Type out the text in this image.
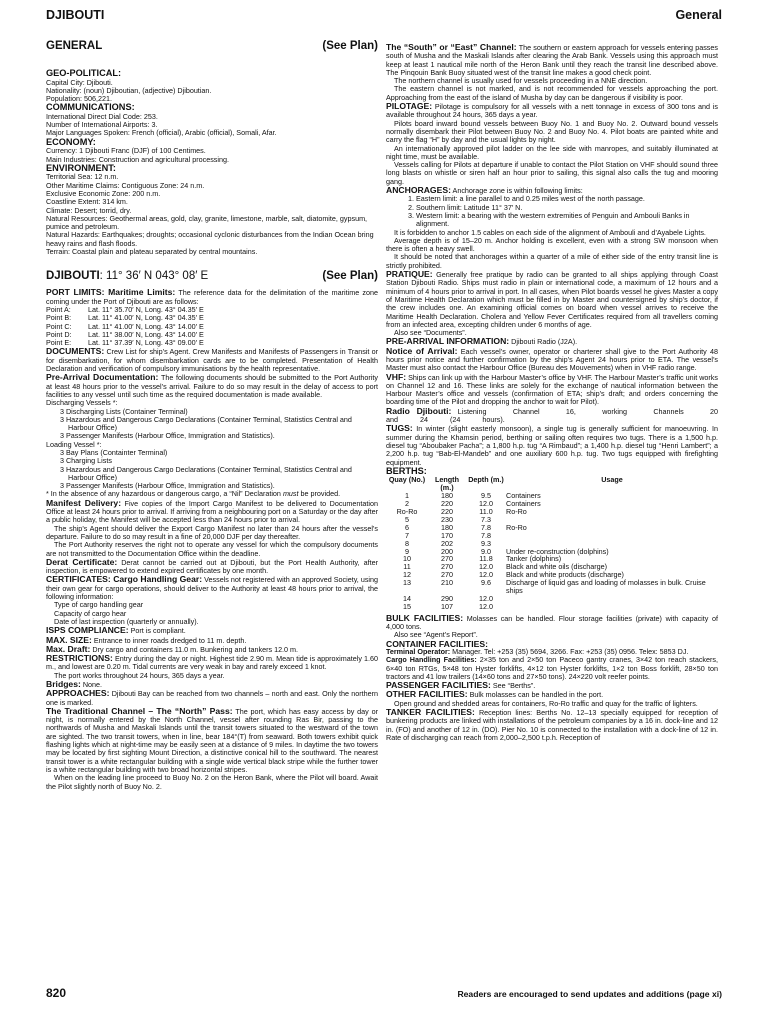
DJIBOUTI	General
GENERAL	(See Plan)
GEO-POLITICAL:
Capital City: Djibouti.
Nationality: (noun) Djiboutian, (adjective) Djiboutian.
Population: 506,221.
COMMUNICATIONS:
International Direct Dial Code: 253.
Number of International Airports: 3.
Major Languages Spoken: French (official), Arabic (official), Somali, Afar.
ECONOMY:
Currency: 1 Djibouti Franc (DJF) of 100 Centimes.
Main Industries: Construction and agricultural processing.
ENVIRONMENT:
Territorial Sea: 12 n.m.
Other Maritime Claims: Contiguous Zone: 24 n.m.
Exclusive Economic Zone: 200 n.m.
Coastline Extent: 314 km.
Climate: Desert; torrid, dry.
Natural Resources: Geothermal areas, gold, clay, granite, limestone, marble, salt, diatomite, gypsum, pumice and petroleum.
Natural Hazards: Earthquakes; droughts; occasional cyclonic disturbances from the Indian Ocean bring heavy rains and flash floods.
Terrain: Coastal plain and plateau separated by central mountains.
DJIBOUTI: 11° 36′ N 043° 08′ E	(See Plan)

PORT LIMITS: Maritime Limits: The reference data for the delimitation of the maritime zone coming under the Port of Djibouti are as follows:

Point A:	Lat. 11° 35.70′ N, Long. 43° 04.35′ E
Point B:	Lat. 11° 41.00′ N, Long. 43° 04.35′ E
Point C:	Lat. 11° 41.00′ N, Long. 43° 14.00′ E
Point D:	Lat. 11° 38.00′ N, Long. 43° 14.00′ E
Point E:	Lat. 11° 37.39′ N, Long. 43° 09.00′ E

DOCUMENTS: Crew List for ship’s Agent. Crew Manifests and Manifests of Passengers in Transit or for disembarkation, for whom disembarkation cards are to be completed. Presentation of Health Declaration and verification of compulsory immunisations by the health representative.

Pre-Arrival Documentation: The following documents should be submitted to the Port Authority at least 48 hours prior to the vessel’s arrival. Failure to do so may result in the delay of access to port facilities to any vessel until such time as the required documentation is made available.

Discharging Vessels *:
3 Discharging Lists (Container Terminal)
3 Hazardous and Dangerous Cargo Declarations (Container Terminal, Statistics Central and Harbour Office)
3 Passenger Manifests (Harbour Office, Immigration and Statistics).
Loading Vessel *:
3 Bay Plans (Containter Terminal)
3 Charging Lists
3 Hazardous and Dangerous Cargo Declarations (Container Terminal, Statistics Central and Harbour Office)
3 Passenger Manifests (Harbour Office, Immigration and Statistics).
* In the absence of any hazardous or dangerous cargo, a “Nil” Declaration must be provided.

Manifest Delivery: Five copies of the Import Cargo Manifest to be delivered to Documentation Office at least 24 hours prior to arrival. If arriving from a neighbouring port on a Saturday or the day after a public holiday, the Manifest will be accepted less than 24 hours prior to arrival.

The ship’s Agent should deliver the Export Cargo Manifest no later than 24 hours after the vessel’s departure. Failure to do so may result in a fine of 20,000 DJF per day thereafter.

The Port Authority reserves the right not to operate any vessel for which the compulsory documents are not transmitted to the Documentation Office within the deadline.

Derat Certificate: Derat cannot be carried out at Djibouti, but the Port Health Authority, after inspection, is empowered to extend expired certificates by one month.

CERTIFICATES: Cargo Handling Gear: Vessels not registered with an approved Society, using their own gear for cargo operations, should deliver to the Authority at least 48 hours prior to arrival, the following information:

Type of cargo handling gear
Capacity of cargo hear
Date of last inspection (quarterly or annually).

ISPS COMPLIANCE: Port is compliant.

MAX. SIZE: Entrance to inner roads dredged to 11 m. depth.

Max. Draft: Dry cargo and containers 11.0 m. Bunkering and tankers 12.0 m.

RESTRICTIONS: Entry during the day or night. Highest tide 2.90 m. Mean tide is approximately 1.60 m., and lowest are 0.20 m. Tidal currents are very weak in bay and rarely exceed 1 knot.

The port works throughout 24 hours, 365 days a year.

Bridges: None.

APPROACHES: Djibouti Bay can be reached from two channels – north and east. Only the northern one is marked.

The Traditional Channel – The “North” Pass: The port, which has easy access by day or night, is normally entered by the North Channel, vessel after rounding Ras Bir, passing to the northwards of Musha and Maskali Islands until the transit towers situated to the westward of the town are sighted. The two transit towers, when in line, bear 184°(T) from seaward. Both towers exhibit quick flashing lights which at night-time may be easily seen at a distance of 9 miles. In daytime the two towers may be located by first sighting Mount Direction, a distinctive conical hill to the southward. The nearest transit tower is a white rectangular building with a single wide vertical black stripe while the further tower is a white rectangular building with two broad horizontal stripes.

When on the leading line proceed to Buoy No. 2 on the Heron Bank, where the Pilot will board. Await the Pilot slightly north of Buoy No. 2.

The “South” or “East” Channel: The southern or eastern approach for vessels entering passes south of Musha and the Maskali Islands after clearing the Arab Bank. Vessels using this approach must keep at least 1 nautical mile north of the Heron Bank until they reach the transit line described above. The Pinqouin Bank Buoy situated west of the transit line makes a good check point.

The northern channel is usually used for vessels proceeding in a NNE direction.

The eastern channel is not marked, and is not recommended for vessels approaching the port. Approaching from the east of the island of Musha by day can be dangerous if visibility is poor.

PILOTAGE: Pilotage is compulsory for all vessels with a nett tonnage in excess of 300 tons and is available throughout 24 hours, 365 days a year.

Pilots board inward bound vessels between Buoy No. 1 and Buoy No. 2. Outward bound vessels normally disembark their Pilot between Buoy No. 2 and Buoy No. 4. Pilot boats are painted white and carry the flag “H” by day and the usual lights by night.

An internationally approved pilot ladder on the lee side with manropes, and suitably illuminated at night time, must be available.

Vessels calling for Pilots at departure if unable to contact the Pilot Station on VHF should sound three long blasts on whistle or siren half an hour prior to sailing, this signal also calls the tug and mooring gang.

ANCHORAGES: Anchorage zone is within following limits:

1. Eastern limit: a line parallel to and 0.25 miles west of the north passage.
2. Southern limit: Latitude 11° 37′ N.
3. Western limit: a bearing with the western extremities of Penguin and Ambouli Banks in alignment.

It is forbidden to anchor 1.5 cables on each side of the alignment of Ambouli and d’Ayabele Lights.

Average depth is of 15–20 m. Anchor holding is excellent, even with a strong SW monsoon when there is often a heavy swell.

It should be noted that anchorages within a quarter of a mile of either side of the entry transit line is strictly prohibited.

PRATIQUE: Generally free pratique by radio can be granted to all ships applying through Coast Station Djibouti Radio. Ships must radio in plain or international code, a maximum of 12 hours and a minimum of 4 hours prior to arrival in port. In all cases, when Pilot boards vessel he gives Master a copy of Maritime Health Declaration which must be filled in by Master and countersigned by ship’s doctor, if the crew includes one. An examining official comes on board when vessel arrives to receive the Maritime Health Declaration. Cholera and Yellow Fever Certificates required from all travellers coming from an infected area, excepting children under 6 months of age.

Also see “Documents”.

PRE-ARRIVAL INFORMATION: Djibouti Radio (J2A).

Notice of Arrival: Each vessel’s owner, operator or charterer shall give to the Port Authority 48 hours prior notice and further confirmation by the ship’s Agent 24 hours prior to ETA. The vessel’s Master must also contact the Harbour Office (Bureau des Mouvements) when in VHF radio range.

VHF: Ships can link up with the Harbour Master’s office by VHF. The Harbour Master’s traffic unit works on Channel 12 and 16. These links are solely for the exchange of nautical information between the Harbour Master’s office and vessels (confirmation of ETA; ship’s draft; and orders concerning the boarding time of the Pilot and dropping the anchor to wait for Pilot).

Radio Djibouti: Listening Channel 16, working Channels 20 and 24 (24 hours).

TUGS: In winter (slight easterly monsoon), a single tug is generally sufficient for manoeuvring. In summer during the Khamsin period, berthing or sailing often requires two tugs. There is a 1,500 h.p. diesel tug “Aboubaker Pacha”; a 1,800 h.p. tug “A Rimbaud”; a 1,400 h.p. diesel tug “Henri Lambert”; a 2,200 h.p. tug “Bab-El-Mandeb” and one auxiliary 600 h.p. tug. Two tugs equipped with firefighting equipment.

BERTHS:
Quay (No.)	Length (m.)	Depth (m.)	Usage
1	180	9.5	Containers
2	220	12.0	Containers
Ro-Ro	220	11.0	Ro-Ro
5	230	7.3	
6	180	7.8	Ro-Ro
7	170	7.8	
8	202	9.3	
9	200	9.0	Under re-construction (dolphins)
10	270	11.8	Tanker (dolphins)
11	270	12.0	Black and white oils (discharge)
12	270	12.0	Black and white products (discharge)
13	210	9.6	Discharge of liquid gas and loading of molasses in bulk. Cruise ships
14	290	12.0	
15	107	12.0	

BULK FACILITIES: Molasses can be handled. Flour storage facilities (private) with capacity of 4,000 tons.

Also see “Agent’s Report”.

CONTAINER FACILITIES:

Terminal Operator: Manager. Tel: +253 (35) 5694, 3266. Fax: +253 (35) 0956. Telex: 5853 DJ.

Cargo Handling Facilities: 2×35 ton and 2×50 ton Paceco gantry cranes, 3×42 ton reach stackers, 6×40 ton RTGs, 5×48 ton Hyster forklifts, 4×12 ton Hyster forklifts, 1×2 ton Boss forklift, 28×50 ton tractors and 41 low trailers (14×60 tons and 27×50 tons). 24×220 volt reefer points.

PASSENGER FACILITIES: See “Berths”.

OTHER FACILITIES: Bulk molasses can be handled in the port.

Open ground and shedded areas for containers, Ro-Ro traffic and quay for the traffic of lighters.

TANKER FACILITIES: Reception lines: Berths No. 12–13 specially equipped for reception of bunkering products are linked with installations of the petroleum companies by a 16 in. dock-line and 12 in. (FO) and another of 12 in. (DO). Pier No. 10 is connected to the installation with a dock-line of 12 in. Rate of discharging can reach from 2,000–2,500 t.p.h. Reception of

820	Readers are encouraged to send updates and additions (page xi)
